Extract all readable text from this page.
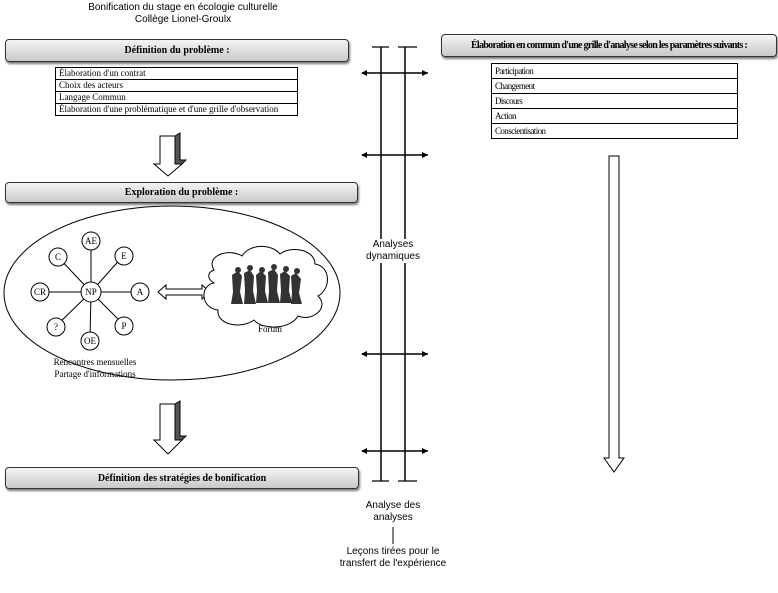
Bonification du stage en écologie culturelle
Collège Lionel-Groulx
Définition du problème :
Élaboration d'un contrat
Choix des acteurs
Langage Commun
Élaboration d'une problématique et d'une grille d'observation
Exploration du problème :
NP
AE
E
A
P
OE
?
CR
C
Forum
Rencontres mensuelles
Partage d'informations
Définition des stratégies de bonification
Analyses dynamiques
Analyse des analyses
Leçons tirées pour le transfert de l'expérience
Élaboration en commun d'une grille d'analyse selon les paramètres suivants :
Participation
Changement
Discours
Action
Conscientisation
